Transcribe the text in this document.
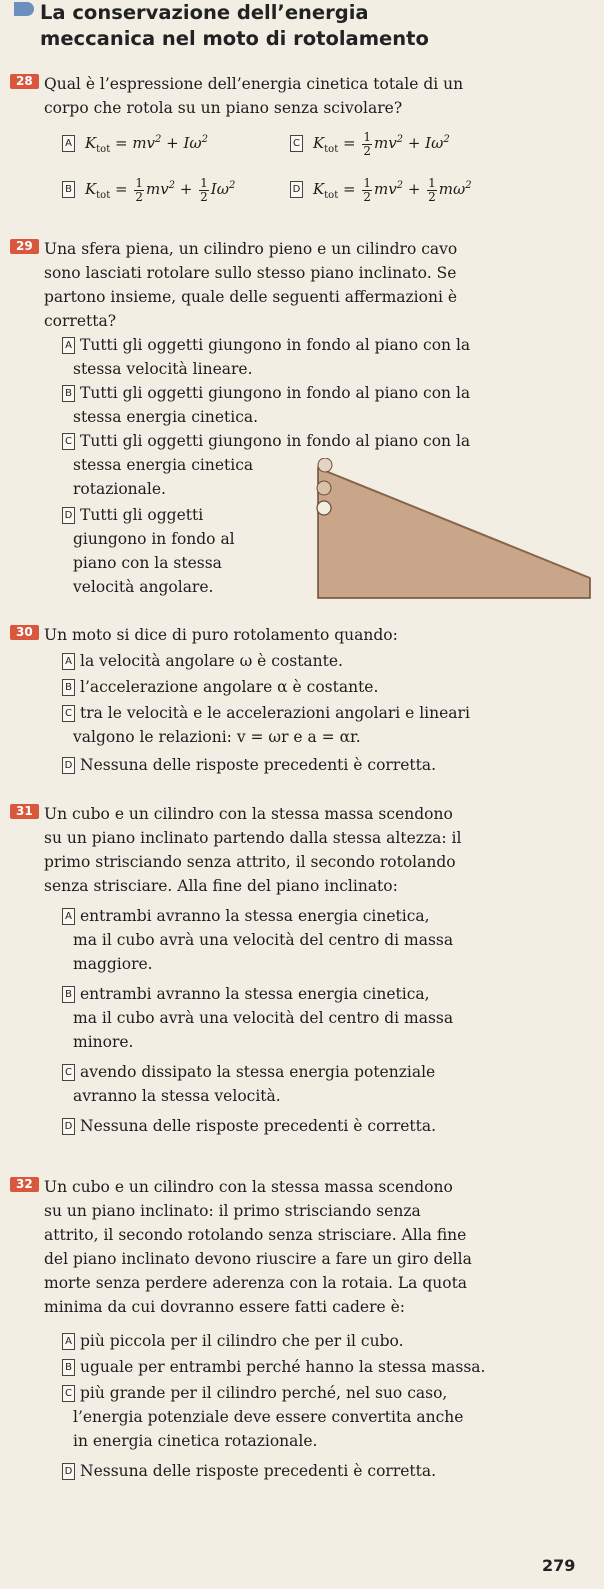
La conservazione dell’energia
meccanica nel moto di rotolamento
28 Qual è l’espressione dell’energia cinetica totale di un
corpo che rotola su un piano senza scivolare?
A $K_{tot} = mv^2 + I\omega^2$	C $K_{tot} = \frac{1}{2} mv^2 + I\omega^2$
B $K_{tot} = \frac{1}{2} mv^2 + \frac{1}{2} I\omega^2$	D $K_{tot} = \frac{1}{2} mv^2 + \frac{1}{2} m\omega^2$
29 Una sfera piena, un cilindro pieno e un cilindro cavo
sono lasciati rotolare sullo stesso piano inclinato. Se
partono insieme, quale delle seguenti affermazioni è
corretta?
A Tutti gli oggetti giungono in fondo al piano con la
stessa velocità lineare.
B Tutti gli oggetti giungono in fondo al piano con la
stessa energia cinetica.
C Tutti gli oggetti giungono in fondo al piano con la
stessa energia cinetica
rotazionale.
D Tutti gli oggetti
giungono in fondo al
piano con la stessa
velocità angolare.
30 Un moto si dice di puro rotolamento quando:
A la velocità angolare ω è costante.
B l’accelerazione angolare α è costante.
C tra le velocità e le accelerazioni angolari e lineari
valgono le relazioni: v = ωr e a = αr.
D Nessuna delle risposte precedenti è corretta.
31 Un cubo e un cilindro con la stessa massa scendono
su un piano inclinato partendo dalla stessa altezza: il
primo strisciando senza attrito, il secondo rotolando
senza strisciare. Alla fine del piano inclinato:
A entrambi avranno la stessa energia cinetica,
ma il cubo avrà una velocità del centro di massa
maggiore.
B entrambi avranno la stessa energia cinetica,
ma il cubo avrà una velocità del centro di massa
minore.
C avendo dissipato la stessa energia potenziale
avranno la stessa velocità.
D Nessuna delle risposte precedenti è corretta.
32 Un cubo e un cilindro con la stessa massa scendono
su un piano inclinato: il primo strisciando senza
attrito, il secondo rotolando senza strisciare. Alla fine
del piano inclinato devono riuscire a fare un giro della
morte senza perdere aderenza con la rotaia. La quota
minima da cui dovranno essere fatti cadere è:
A più piccola per il cilindro che per il cubo.
B uguale per entrambi perché hanno la stessa massa.
C più grande per il cilindro perché, nel suo caso,
l’energia potenziale deve essere convertita anche
in energia cinetica rotazionale.
D Nessuna delle risposte precedenti è corretta.
279
